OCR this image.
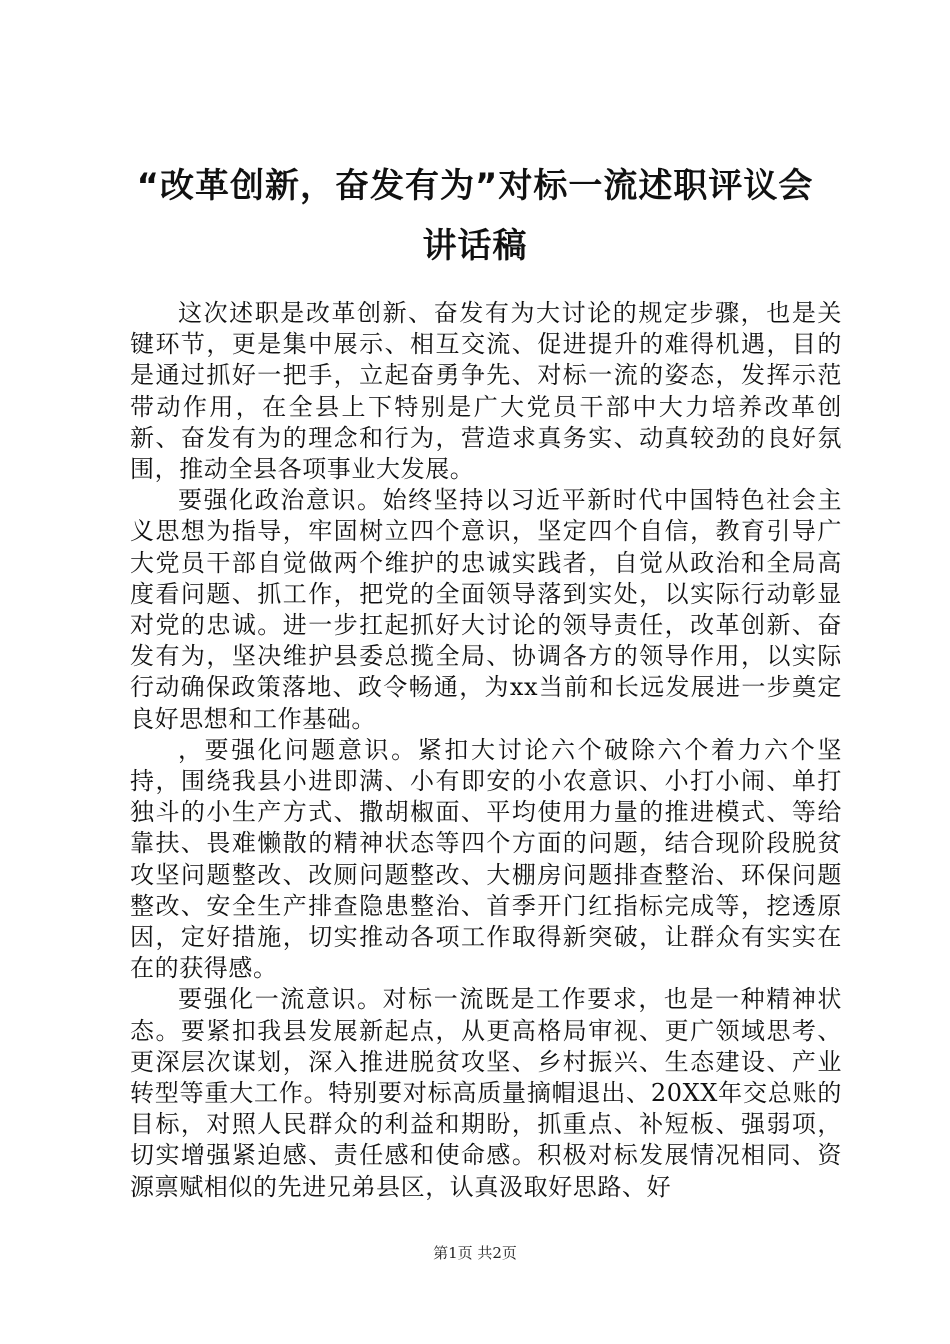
“改革创新，奋发有为”对标一流述职评议会
讲话稿

这次述职是改革创新、奋发有为大讨论的规定步骤，也是关键环节，更是集中展示、相互交流、促进提升的难得机遇，目的是通过抓好一把手，立起奋勇争先、对标一流的姿态，发挥示范带动作用，在全县上下特别是广大党员干部中大力培养改革创新、奋发有为的理念和行为，营造求真务实、动真较劲的良好氛围，推动全县各项事业大发展。

要强化政治意识。始终坚持以习近平新时代中国特色社会主义思想为指导，牢固树立四个意识，坚定四个自信，教育引导广大党员干部自觉做两个维护的忠诚实践者，自觉从政治和全局高度看问题、抓工作，把党的全面领导落到实处，以实际行动彰显对党的忠诚。进一步扛起抓好大讨论的领导责任，改革创新、奋发有为，坚决维护县委总揽全局、协调各方的领导作用，以实际行动确保政策落地、政令畅通，为xx当前和长远发展进一步奠定良好思想和工作基础。

，要强化问题意识。紧扣大讨论六个破除六个着力六个坚持，围绕我县小进即满、小有即安的小农意识、小打小闹、单打独斗的小生产方式、撒胡椒面、平均使用力量的推进模式、等给靠扶、畏难懒散的精神状态等四个方面的问题，结合现阶段脱贫攻坚问题整改、改厕问题整改、大棚房问题排查整治、环保问题整改、安全生产排查隐患整治、首季开门红指标完成等，挖透原因，定好措施，切实推动各项工作取得新突破，让群众有实实在在的获得感。

要强化一流意识。对标一流既是工作要求，也是一种精神状态。要紧扣我县发展新起点，从更高格局审视、更广领域思考、更深层次谋划，深入推进脱贫攻坚、乡村振兴、生态建设、产业转型等重大工作。特别要对标高质量摘帽退出、20XX年交总账的目标，对照人民群众的利益和期盼，抓重点、补短板、强弱项，切实增强紧迫感、责任感和使命感。积极对标发展情况相同、资源禀赋相似的先进兄弟县区，认真汲取好思路、好

第1页 共2页
